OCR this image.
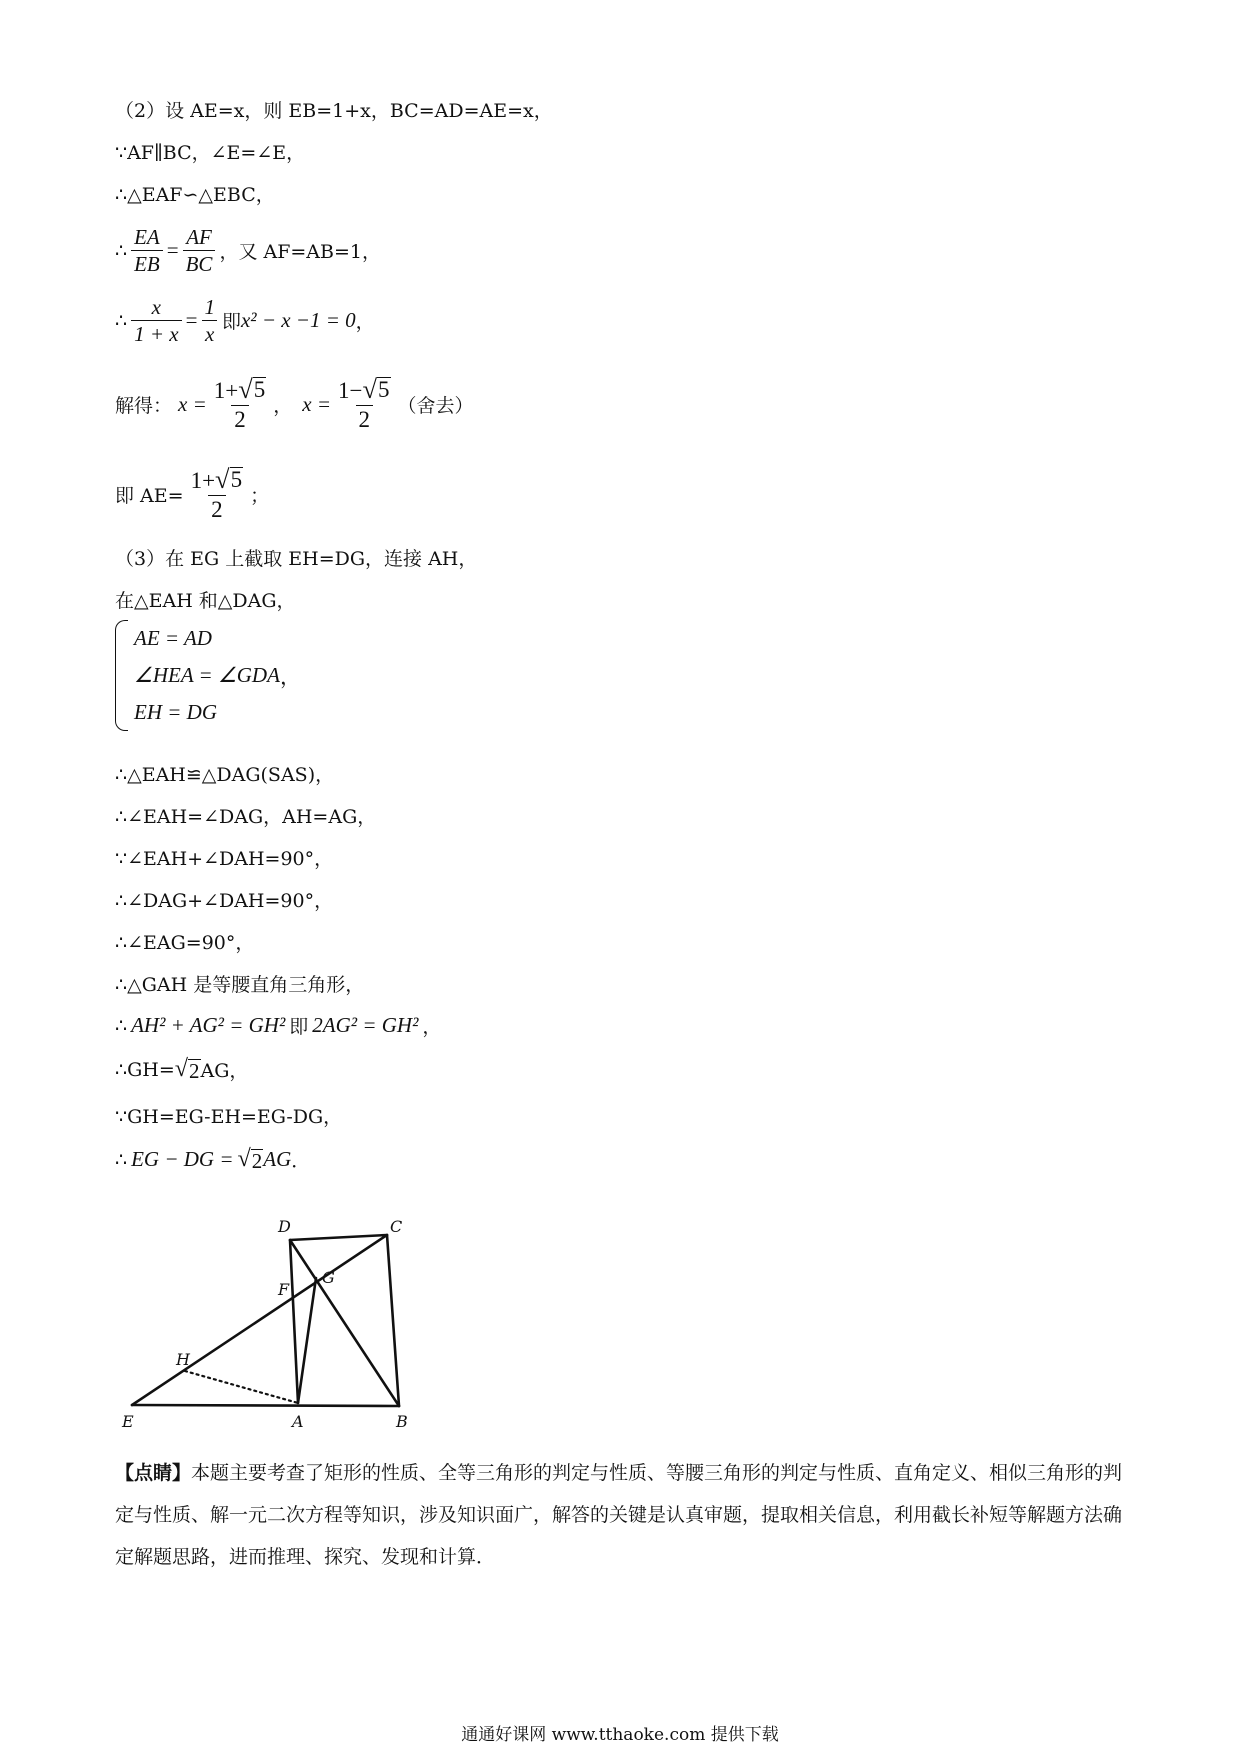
（2）设 AE=x，则 EB=1+x，BC=AD=AE=x，
∵AF∥BC，∠E=∠E，
∴△EAF∽△EBC，
∴ $\frac{EA}{EB} = \frac{AF}{BC}$ ，又 AF=AB=1，
∴ $\frac{x}{1 + x} = \frac{1}{x}$ 即 x² − x −1 = 0 ，
解得： $x = \frac{1+ √ 5}{2}$ ， $x = \frac{1- √ 5}{2}$ （舍去）
即 $AE= \frac{1+ √ 5}{2}$ ；
（3）在 EG 上截取 EH=DG，连接 AH，
在△EAH 和△DAG，
AE = AD
∠HEA = ∠GDA
EH = DG
，
∴△EAH≌△DAG(SAS)，
∴∠EAH=∠DAG，AH=AG，
∵∠EAH+∠DAH=90°，
∴∠DAG+∠DAH=90°，
∴∠EAG=90°，
∴△GAH 是等腰直角三角形，
∴ AH² + AG² = GH² 即 2AG² = GH² ，
∴GH= √ 2 AG，
∵GH=EG-EH=EG-DG，
∴ EG − DG = √ 2 AG ．
D	C
F
G
H
E	A	B
【点睛】本题主要考查了矩形的性质、全等三角形的判定与性质、等腰三角形的判定与性质、直角定义、相似三角形的判定与性质、解一元二次方程等知识，涉及知识面广，解答的关键是认真审题，提取相关信息，利用截长补短等解题方法确定解题思路，进而推理、探究、发现和计算．
通通好课网 www.tthaoke.com 提供下载
